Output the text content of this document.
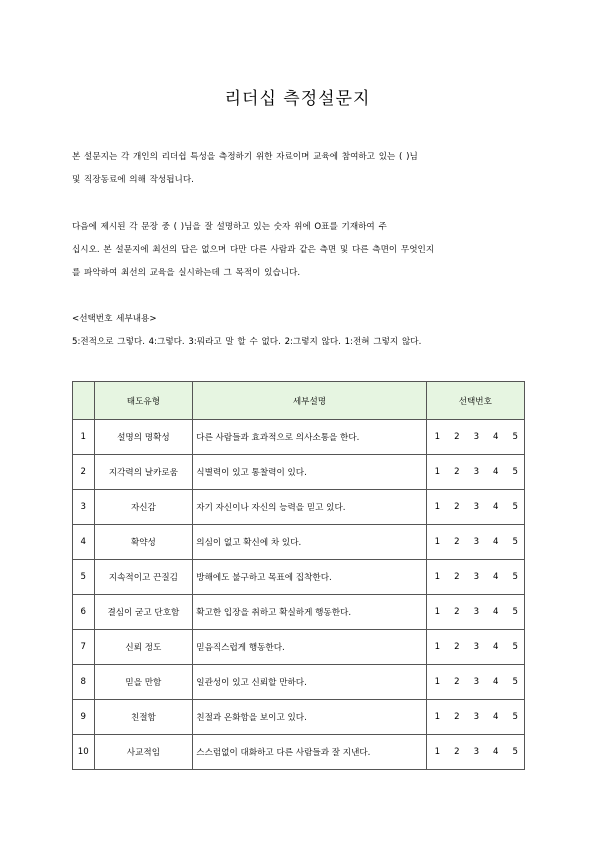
리더십 측정설문지
본 설문지는 각 개인의 리더쉽 특성을 측정하기 위한 자료이며 교육에 참여하고 있는 ( )님
및 직장동료에 의해 작성됩니다.
다음에 제시된 각 문장 중 ( )님을 잘 설명하고 있는 숫자 위에 O표를 기재하여 주
십시오. 본 설문지에 최선의 답은 없으며 다만 다른 사람과 같은 측면 및 다른 측면이 무엇인지
를 파악하여 최선의 교육을 실시하는데 그 목적이 있습니다.
<선택번호 세부내용>
5:전적으로 그렇다. 4:그렇다. 3:뭐라고 말 할 수 없다. 2:그렇지 않다. 1:전혀 그렇지 않다.
	태도유형	세부설명	선택번호
1	설명의 명확성	다른 사람들과 효과적으로 의사소통을 한다.	1 2 3 4 5

2	지각력의 날카로움	식별력이 있고 통찰력이 있다.	1 2 3 4 5

3	자신감	자기 자신이나 자신의 능력을 믿고 있다.	1 2 3 4 5

4	확약성	의심이 없고 확신에 차 있다.	1 2 3 4 5

5	지속적이고 끈질김	방해에도 불구하고 목표에 집착한다.	1 2 3 4 5

6	결심이 굳고 단호함	확고한 입장을 취하고 확실하게 행동한다.	1 2 3 4 5

7	신뢰 정도	믿음직스럽게 행동한다.	1 2 3 4 5

8	믿을 만함	일관성이 있고 신뢰할 만하다.	1 2 3 4 5

9	친절함	친절과 온화함을 보이고 있다.	1 2 3 4 5

10	사교적임	스스럼없이 대화하고 다른 사람들과 잘 지낸다.	1 2 3 4 5
